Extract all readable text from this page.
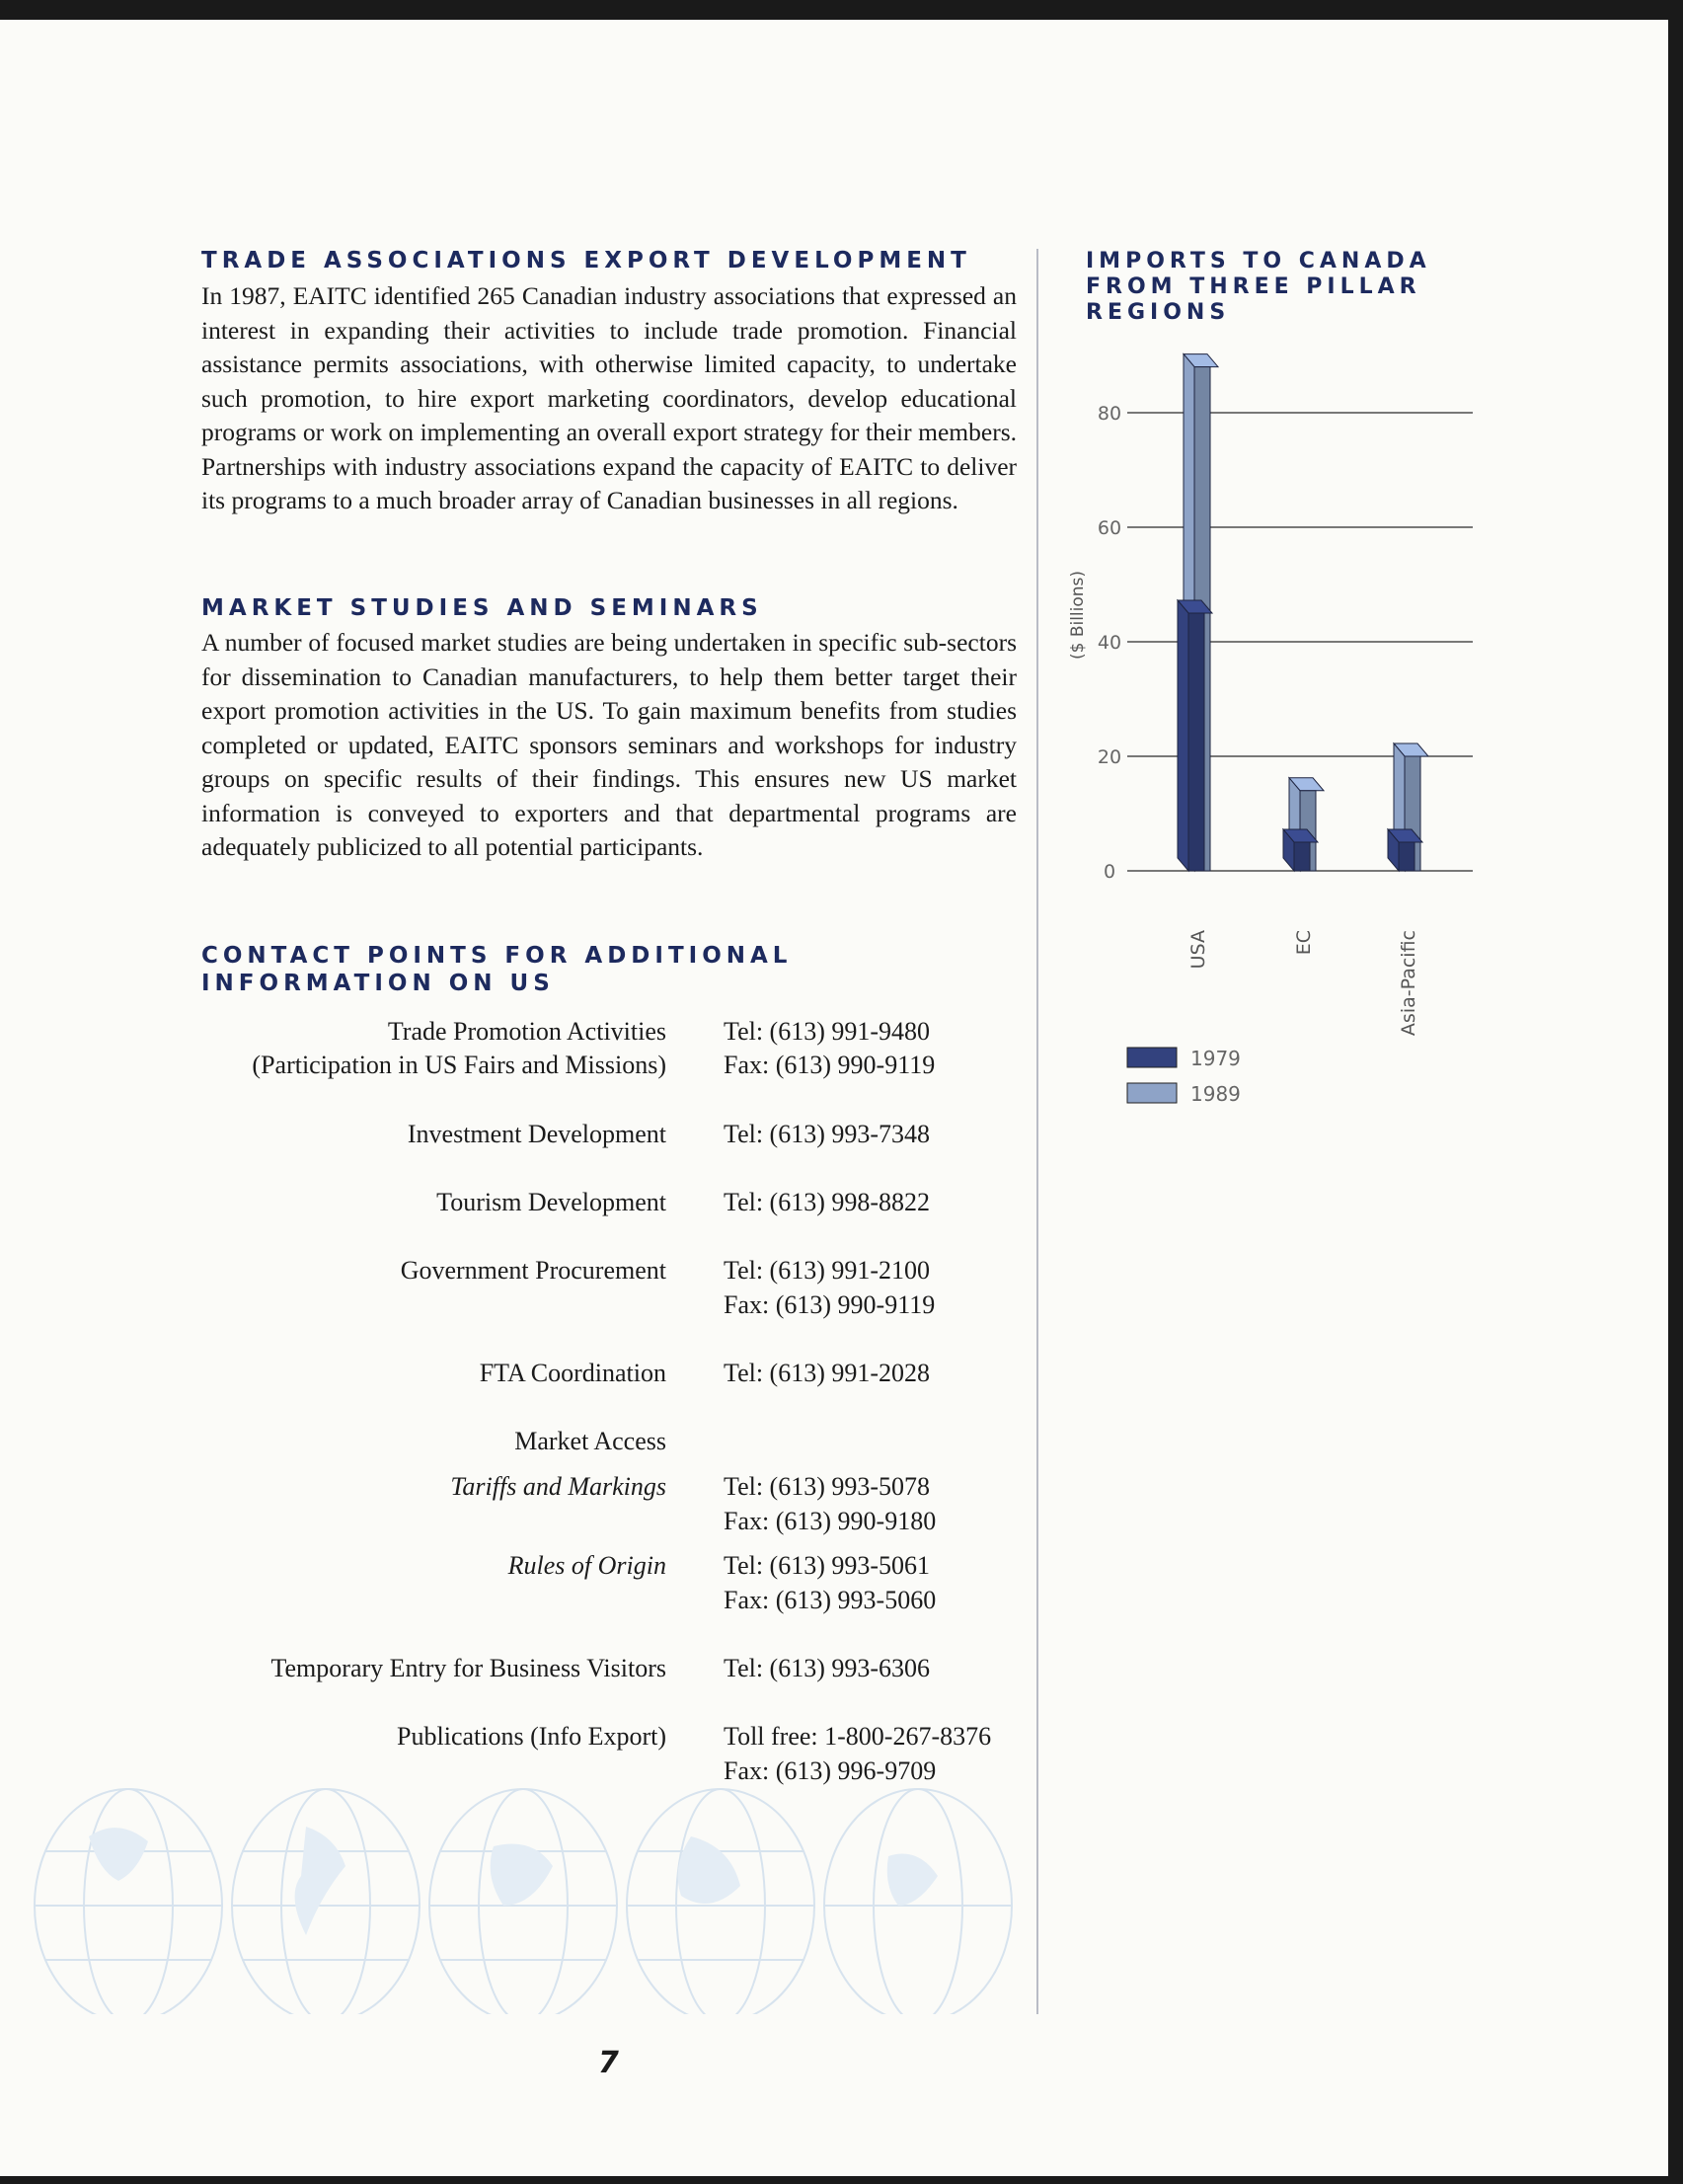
TRADE ASSOCIATIONS EXPORT DEVELOPMENT

In 1987, EAITC identified 265 Canadian industry associations that expressed an interest in expanding their activities to include trade promotion. Financial assistance permits associations, with otherwise limited capacity, to undertake such promotion, to hire export marketing coordinators, develop educational programs or work on implementing an overall export strategy for their members. Partnerships with industry associations expand the capacity of EAITC to deliver its programs to a much broader array of Canadian businesses in all regions.

MARKET STUDIES AND SEMINARS

A number of focused market studies are being undertaken in specific sub-sectors for dissemination to Canadian manufacturers, to help them better target their export promotion activities in the US. To gain maximum benefits from studies completed or updated, EAITC sponsors seminars and workshops for industry groups on specific results of their findings. This ensures new US market information is conveyed to exporters and that departmental programs are adequately publicized to all potential participants.

CONTACT POINTS FOR ADDITIONAL
INFORMATION ON US
Trade Promotion Activities Tel: (613) 991-9480
(Participation in US Fairs and Missions) Fax: (613) 990-9119
Investment Development Tel: (613) 993-7348
Tourism Development Tel: (613) 998-8822
Government Procurement Tel: (613) 991-2100
Fax: (613) 990-9119
FTA Coordination Tel: (613) 991-2028
Market Access
Tariffs and Markings Tel: (613) 993-5078
Fax: (613) 990-9180
Rules of Origin Tel: (613) 993-5061
Fax: (613) 993-5060
Temporary Entry for Business Visitors Tel: (613) 993-6306
Publications (Info Export) Toll free: 1-800-267-8376
Fax: (613) 996-9709
IMPORTS TO CANADA FROM THREE PILLAR REGIONS
0
20
40
60
80
($ Billions)
USA	EC	Asia-Pacific
1979
1989
7
